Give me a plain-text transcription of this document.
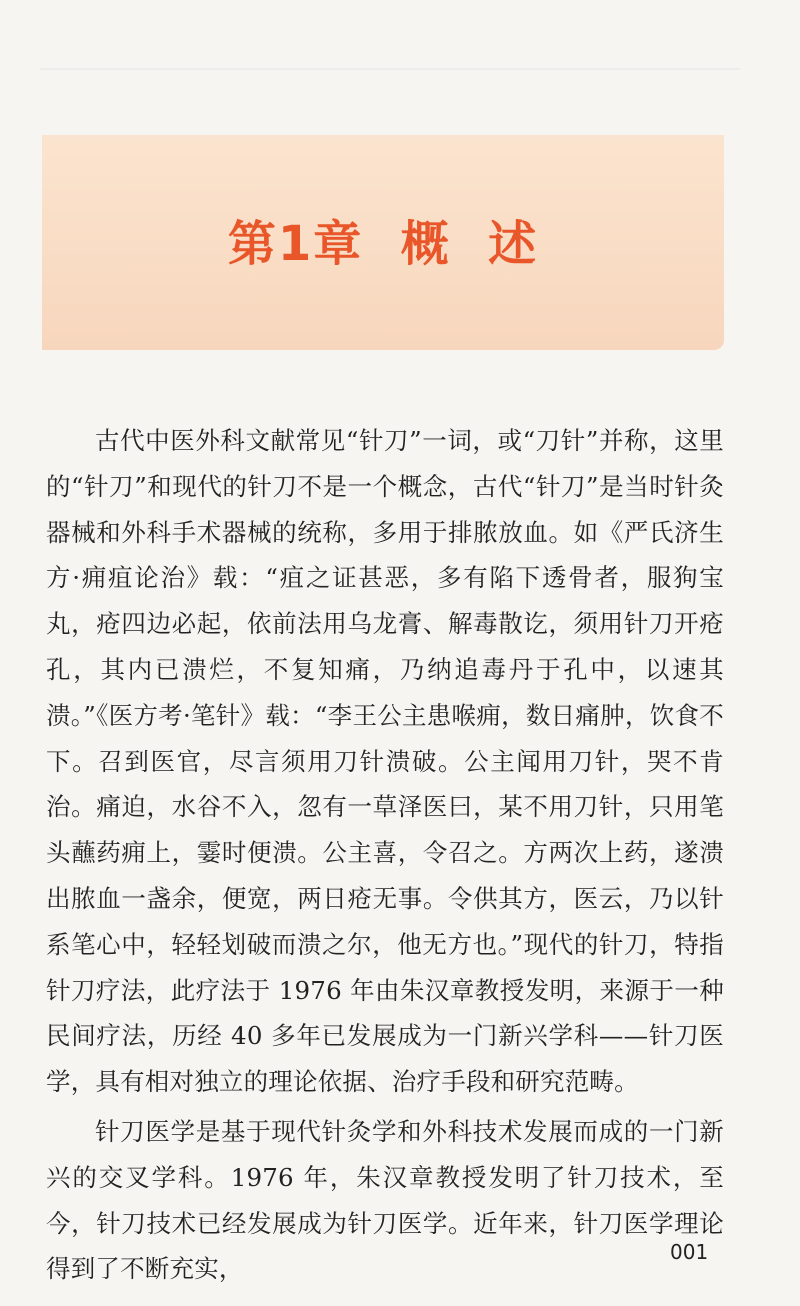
第1章  概  述

古代中医外科文献常见“针刀”一词，或“刀针”并称，这里的“针刀”和现代的针刀不是一个概念，古代“针刀”是当时针灸器械和外科手术器械的统称，多用于排脓放血。如《严氏济生方·痈疽论治》载：“疽之证甚恶，多有陷下透骨者，服狗宝丸，疮四边必起，依前法用乌龙膏、解毒散讫，须用针刀开疮孔，其内已溃烂，不复知痛，乃纳追毒丹于孔中，以速其溃。”《医方考·笔针》载：“李王公主患喉痈，数日痛肿，饮食不下。召到医官，尽言须用刀针溃破。公主闻用刀针，哭不肯治。痛迫，水谷不入，忽有一草泽医曰，某不用刀针，只用笔头蘸药痈上，霎时便溃。公主喜，令召之。方两次上药，遂溃出脓血一盏余，便宽，两日疮无事。令供其方，医云，乃以针系笔心中，轻轻划破而溃之尔，他无方也。”现代的针刀，特指针刀疗法，此疗法于 1976 年由朱汉章教授发明，来源于一种民间疗法，历经 40 多年已发展成为一门新兴学科——针刀医学，具有相对独立的理论依据、治疗手段和研究范畴。

针刀医学是基于现代针灸学和外科技术发展而成的一门新兴的交叉学科。1976 年，朱汉章教授发明了针刀技术，至今，针刀技术已经发展成为针刀医学。近年来，针刀医学理论得到了不断充实，

001
